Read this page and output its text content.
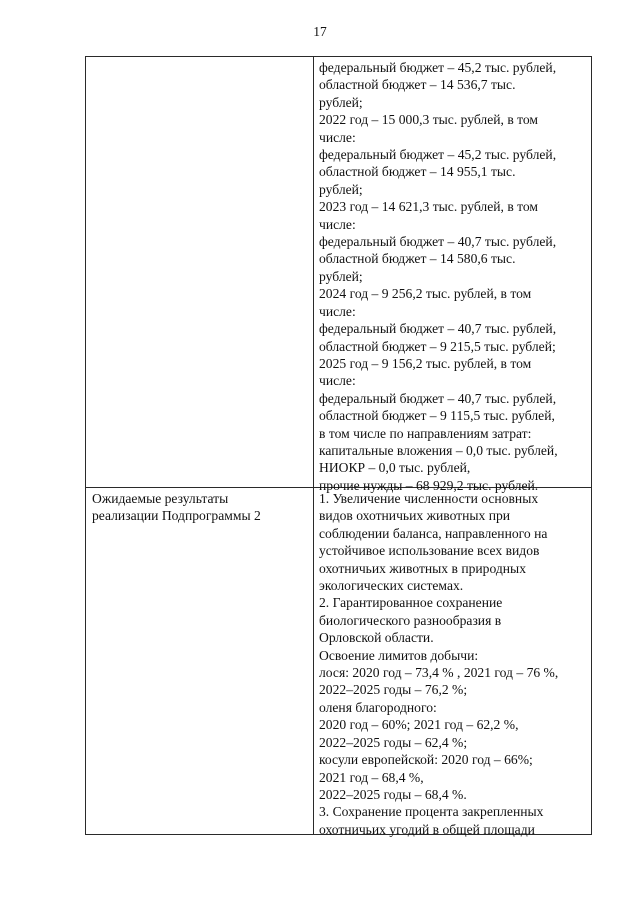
17
федеральный бюджет – 45,2 тыс. рублей,
областной бюджет – 14 536,7 тыс.
рублей;
2022 год – 15 000,3 тыс. рублей, в том
числе:
федеральный бюджет – 45,2 тыс. рублей,
областной бюджет – 14 955,1 тыс.
рублей;
2023 год – 14 621,3 тыс. рублей, в том
числе:
федеральный бюджет – 40,7 тыс. рублей,
областной бюджет – 14 580,6 тыс.
рублей;
2024 год – 9 256,2 тыс. рублей, в том
числе:
федеральный бюджет – 40,7 тыс. рублей,
областной бюджет – 9 215,5 тыс. рублей;
2025 год – 9 156,2 тыс. рублей, в том
числе:
федеральный бюджет – 40,7 тыс. рублей,
областной бюджет – 9 115,5 тыс. рублей,
в том числе по направлениям затрат:
капитальные вложения – 0,0 тыс. рублей,
НИОКР – 0,0 тыс. рублей,
прочие нужды – 68 929,2 тыс. рублей.
Ожидаемые результаты
реализации Подпрограммы 2
1. Увеличение численности основных
видов охотничьих животных при
соблюдении баланса, направленного на
устойчивое использование всех видов
охотничьих животных в природных
экологических системах.
2. Гарантированное сохранение
биологического разнообразия в
Орловской области.
Освоение лимитов добычи:
лося: 2020 год – 73,4 % , 2021 год – 76 %,
2022–2025 годы – 76,2 %;
оленя благородного:
2020 год – 60%; 2021 год – 62,2 %,
2022–2025 годы – 62,4 %;
косули европейской: 2020 год – 66%;
2021 год – 68,4 %,
2022–2025 годы – 68,4 %.
3. Сохранение процента закрепленных
охотничьих угодий в общей площади
